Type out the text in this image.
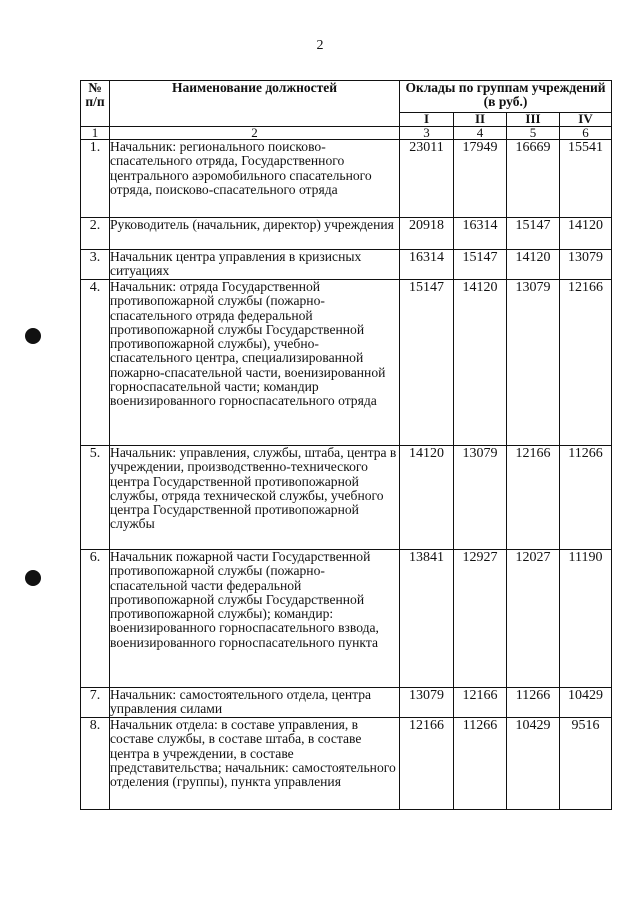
2
№ п/п	Наименование должностей	Оклады по группам учреждений (в руб.)			
		I	II	III	IV
1	2	3	4	5	6
1.	Начальник: регионального поисково-спасательного отряда, Государственного центрального аэромобильного спасательного отряда, поисково-спасательного отряда	23011	17949	16669	15541
2.	Руководитель (начальник, директор) учреждения	20918	16314	15147	14120
3.	Начальник центра управления в кризисных ситуациях	16314	15147	14120	13079
4.	Начальник: отряда Государственной противопожарной службы (пожарно-спасательного отряда федеральной противопожарной службы Государственной противопожарной службы), учебно-спасательного центра, специализированной пожарно-спасательной части, военизированной горноспасательной части; командир военизированного горноспасательного отряда	15147	14120	13079	12166
5.	Начальник: управления, службы, штаба, центра в учреждении, производственно-технического центра Государственной противопожарной службы, отряда технической службы, учебного центра Государственной противопожарной службы	14120	13079	12166	11266
6.	Начальник пожарной части Государственной противопожарной службы (пожарно-спасательной части федеральной противопожарной службы Государственной противопожарной службы); командир: военизированного горноспасательного взвода, военизированного горноспасательного пункта	13841	12927	12027	11190
7.	Начальник: самостоятельного отдела, центра управления силами	13079	12166	11266	10429
8.	Начальник отдела: в составе управления, в составе службы, в составе штаба, в составе центра в учреждении, в составе представительства; начальник: самостоятельного отделения (группы), пункта управления	12166	11266	10429	9516
